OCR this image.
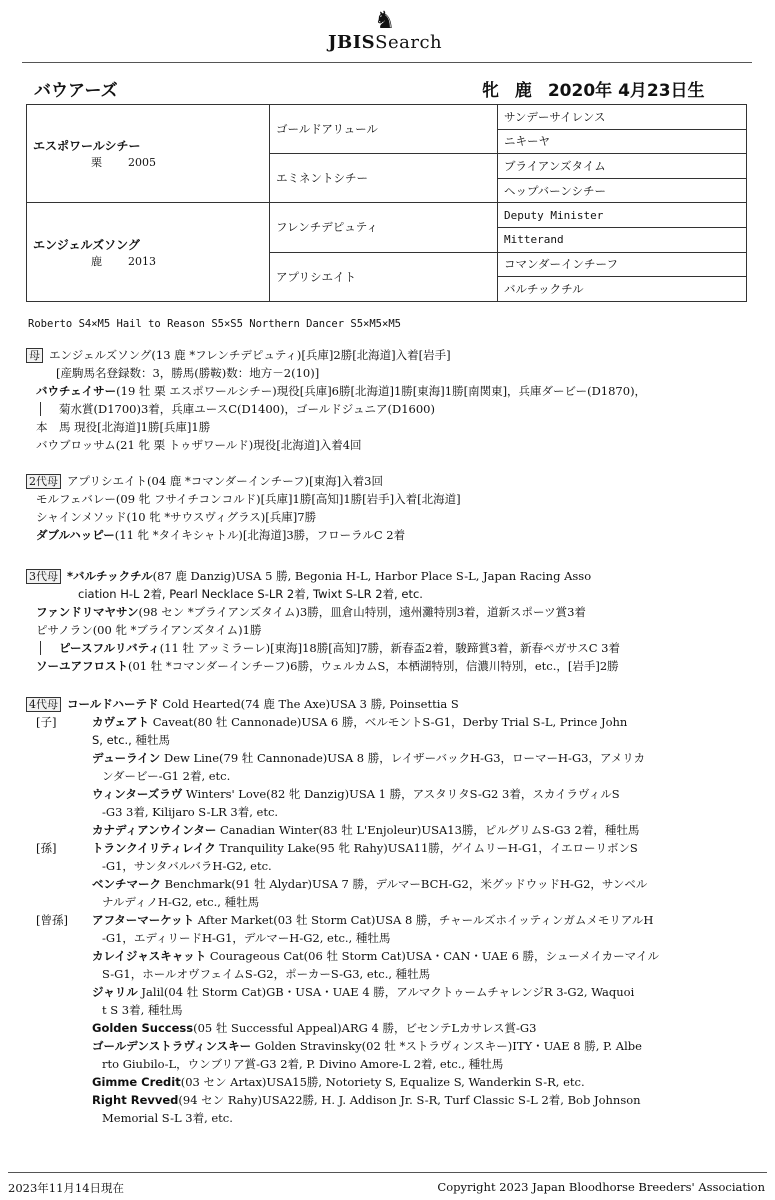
♞
JBISSearch
バウアーズ	牝 鹿 2020年 4月23日生
エスポワールシチー
栗 2005	ゴールドアリュール	サンデーサイレンス
		ニキーヤ
	エミネントシチー	ブライアンズタイム
		ヘップバーンシチー

エンジェルズソング
鹿 2013	フレンチデピュティ	Deputy Minister
		Mitterand
	アプリシエイト	コマンダーインチーフ
		バルチックチル
Roberto S4×M5 Hail to Reason S5×S5 Northern Dancer S5×M5×M5
母 エンジェルズソング(13 鹿 *フレンチデピュティ)[兵庫]2勝[北海道]入着[岩手]
[産駒馬名登録数：3，勝馬(勝鞍)数：地方－2(10)]
バウチェイサー(19 牡 栗 エスポワールシチー)現役[兵庫]6勝[北海道]1勝[東海]1勝[南関東]，兵庫ダービー(D1870)，
菊水賞(D1700)3着，兵庫ユースC(D1400)，ゴールドジュニア(D1600)
本　馬 現役[北海道]1勝[兵庫]1勝
バウブロッサム(21 牝 栗 トゥザワールド)現役[北海道]入着4回
2代母 アプリシエイト(04 鹿 *コマンダーインチーフ)[東海]入着3回
モルフェバレー(09 牝 フサイチコンコルド)[兵庫]1勝[高知]1勝[岩手]入着[北海道]
シャインメソッド(10 牝 *サウスヴィグラス)[兵庫]7勝
ダブルハッピー(11 牝 *タイキシャトル)[北海道]3勝，フローラルC 2着
3代母 *バルチックチル(87 鹿 Danzig)USA 5 勝, Begonia H-L, Harbor Place S-L, Japan Racing Asso
ciation H-L 2着, Pearl Necklace S-LR 2着, Twixt S-LR 2着, etc.
ファンドリマヤサン(98 セン *ブライアンズタイム)3勝，皿倉山特別，遠州灘特別3着，道新スポーツ賞3着
ピサノラン(00 牝 *ブライアンズタイム)1勝
ピースフルリバティ(11 牡 アッミラーレ)[東海]18勝[高知]7勝，新春盃2着，駿蹄賞3着，新春ペガサスC 3着
ソーユアフロスト(01 牡 *コマンダーインチーフ)6勝，ウェルカムS，本栖湖特別，信濃川特別，etc.，[岩手]2勝
4代母 コールドハーテド Cold Hearted(74 鹿 The Axe)USA 3 勝, Poinsettia S
[子]	カヴェアト Caveat(80 牡 Cannonade)USA 6 勝，ベルモントS-G1，Derby Trial S-L, Prince John
S, etc., 種牡馬
デューライン Dew Line(79 牡 Cannonade)USA 8 勝，レイザーバックH-G3，ローマーH-G3，アメリカ
ンダービー-G1 2着, etc.
ウィンターズラヴ Winters' Love(82 牝 Danzig)USA 1 勝，アスタリタS-G2 3着，スカイラヴィルS
-G3 3着, Kilijaro S-LR 3着, etc.
カナディアンウインター Canadian Winter(83 牡 L'Enjoleur)USA13勝，ピルグリムS-G3 2着，種牡馬
[孫]	トランクイリティレイク Tranquility Lake(95 牝 Rahy)USA11勝，ゲイムリーH-G1，イエローリボンS
-G1，サンタバルバラH-G2, etc.
ベンチマーク Benchmark(91 牡 Alydar)USA 7 勝，デルマーBCH-G2，米グッドウッドH-G2，サンベル
ナルディノH-G2, etc., 種牡馬
[曾孫] アフターマーケット After Market(03 牡 Storm Cat)USA 8 勝，チャールズホイッティンガムメモリアルH
-G1，エディリードH-G1，デルマーH-G2, etc., 種牡馬
カレイジャスキャット Courageous Cat(06 牡 Storm Cat)USA・CAN・UAE 6 勝，シューメイカーマイル
S-G1，ホールオヴフェイムS-G2，ポーカーS-G3, etc., 種牡馬
ジャリル Jalil(04 牡 Storm Cat)GB・USA・UAE 4 勝，アルマクトゥームチャレンジR 3-G2, Waquoi
t S 3着, 種牡馬
Golden Success(05 牡 Successful Appeal)ARG 4 勝，ビセンテLカサレス賞-G3
ゴールデンストラヴィンスキー Golden Stravinsky(02 牡 *ストラヴィンスキー)ITY・UAE 8 勝, P. Albe
rto Giubilo-L，ウンブリア賞-G3 2着, P. Divino Amore-L 2着, etc., 種牡馬
Gimme Credit(03 セン Artax)USA15勝, Notoriety S, Equalize S, Wanderkin S-R, etc.
Right Revved(94 セン Rahy)USA22勝, H. J. Addison Jr. S-R, Turf Classic S-L 2着, Bob Johnson
Memorial S-L 3着, etc.
2023年11月14日現在	Copyright 2023 Japan Bloodhorse Breeders' Association
